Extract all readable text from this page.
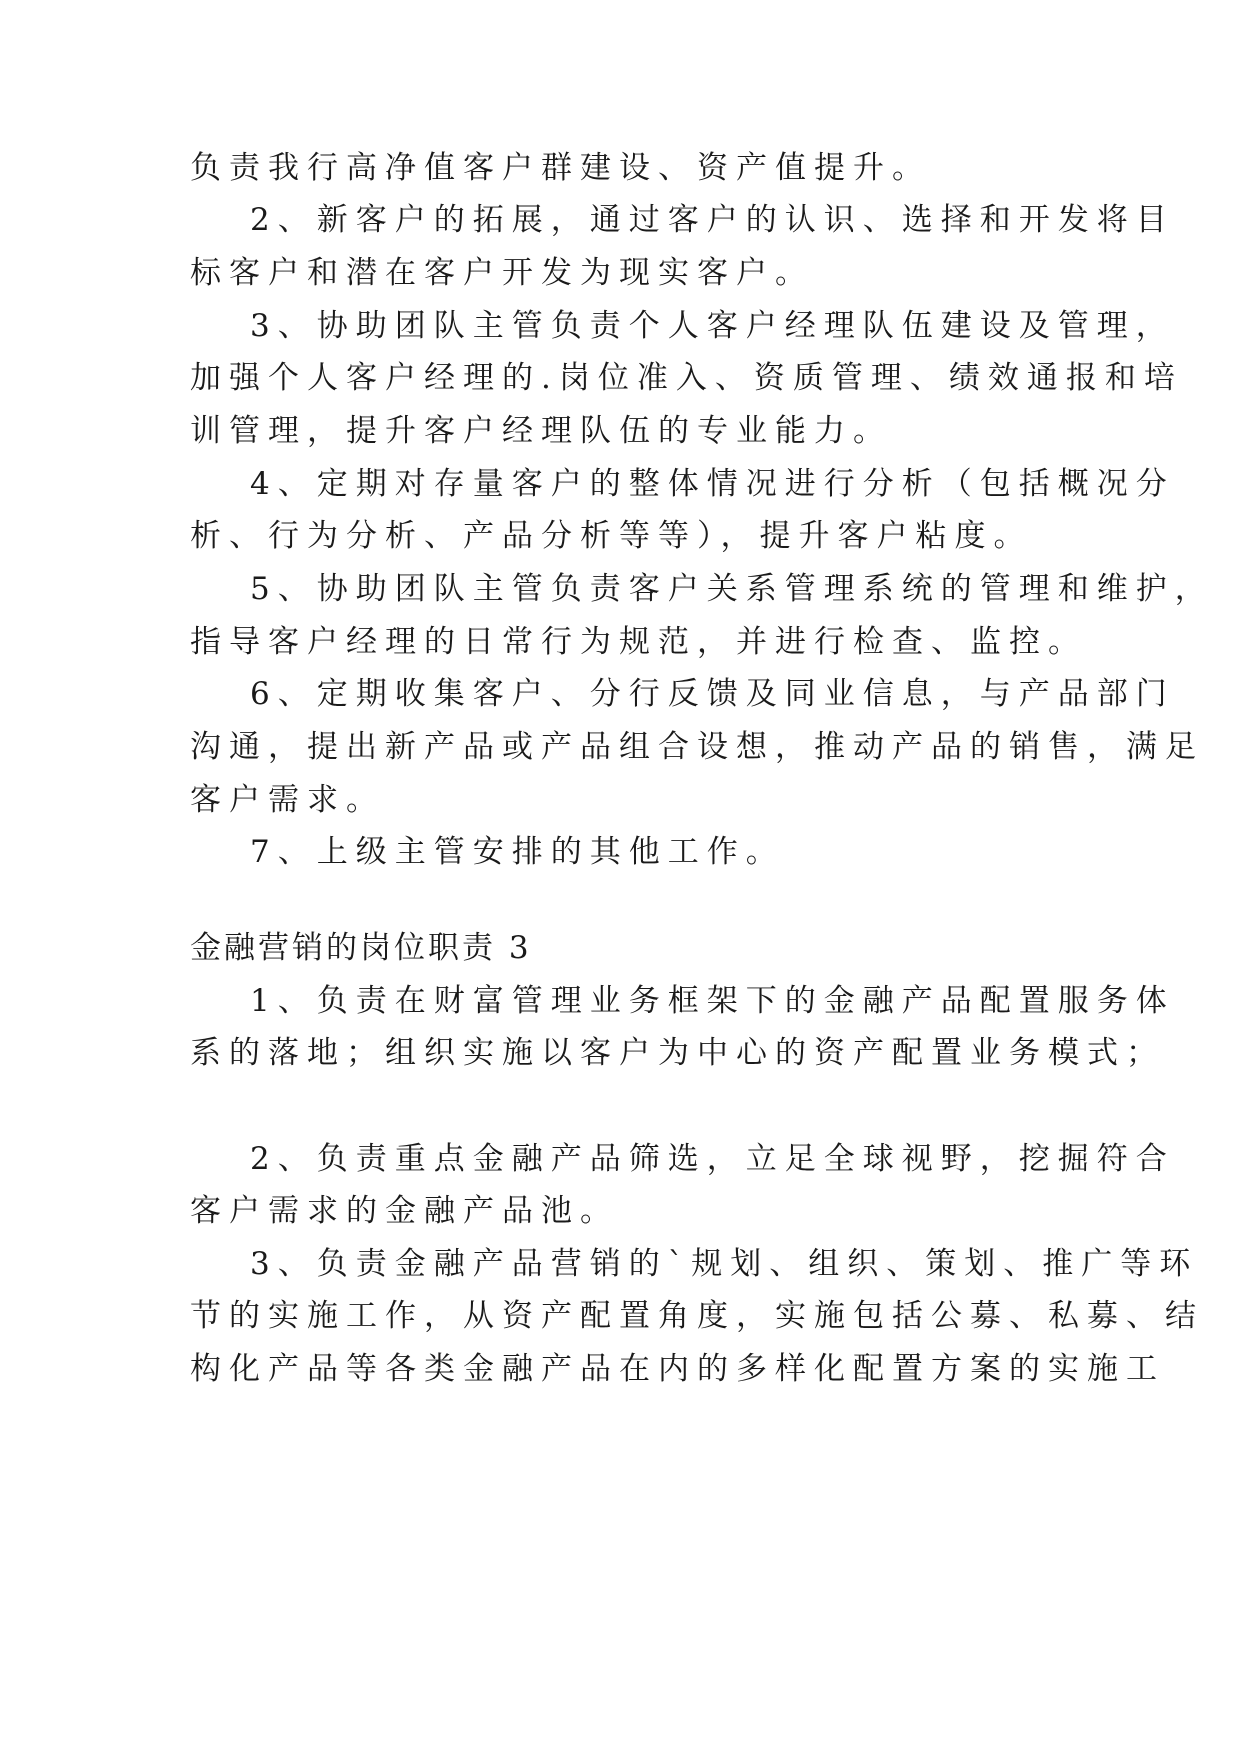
负责我行高净值客户群建设、资产值提升。
2、新客户的拓展，通过客户的认识、选择和开发将目
标客户和潜在客户开发为现实客户。
3、协助团队主管负责个人客户经理队伍建设及管理，
加强个人客户经理的.岗位准入、资质管理、绩效通报和培
训管理，提升客户经理队伍的专业能力。
4、定期对存量客户的整体情况进行分析（包括概况分
析、行为分析、产品分析等等），提升客户粘度。
5、协助团队主管负责客户关系管理系统的管理和维护，
指导客户经理的日常行为规范，并进行检查、监控。
6、定期收集客户、分行反馈及同业信息，与产品部门
沟通，提出新产品或产品组合设想，推动产品的销售，满足
客户需求。
7、上级主管安排的其他工作。
金融营销的岗位职责 3
1、负责在财富管理业务框架下的金融产品配置服务体
系的落地；组织实施以客户为中心的资产配置业务模式；
2、负责重点金融产品筛选，立足全球视野，挖掘符合
客户需求的金融产品池。
3、负责金融产品营销的`规划、组织、策划、推广等环
节的实施工作，从资产配置角度，实施包括公募、私募、结
构化产品等各类金融产品在内的多样化配置方案的实施工
